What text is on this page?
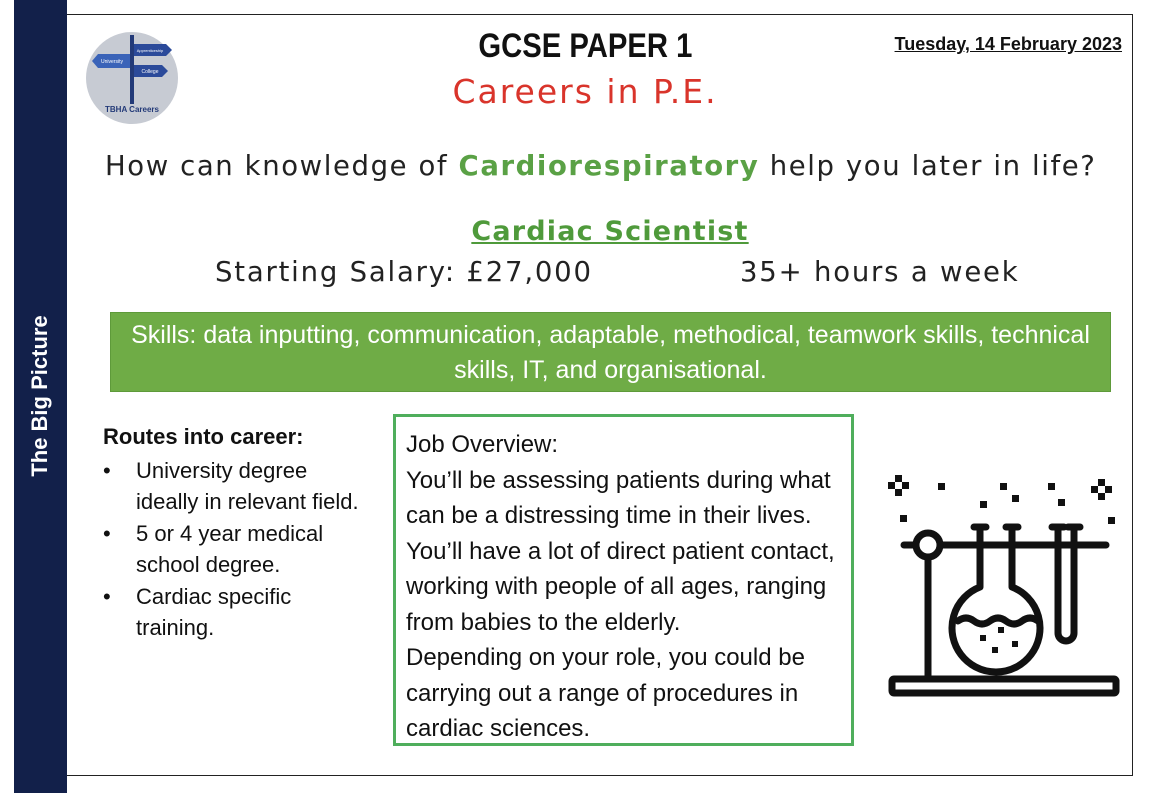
The Big Picture
Apprenticeship
University
College
TBHA Careers
GCSE PAPER 1
Careers in P.E.
Tuesday, 14 February 2023
How can knowledge of Cardiorespiratory help you later in life?
Cardiac Scientist
Starting Salary: £27,000	35+ hours a week
Skills: data inputting, communication, adaptable, methodical, teamwork skills, technical
skills, IT, and organisational.
Routes into career:
• University degree
ideally in relevant field.
• 5 or 4 year medical
school degree.
• Cardiac specific
training.

Job Overview:

You’ll be assessing patients during what

can be a distressing time in their lives.

You’ll have a lot of direct patient contact,

working with people of all ages, ranging

from babies to the elderly.

Depending on your role, you could be

carrying out a range of procedures in

cardiac sciences.
